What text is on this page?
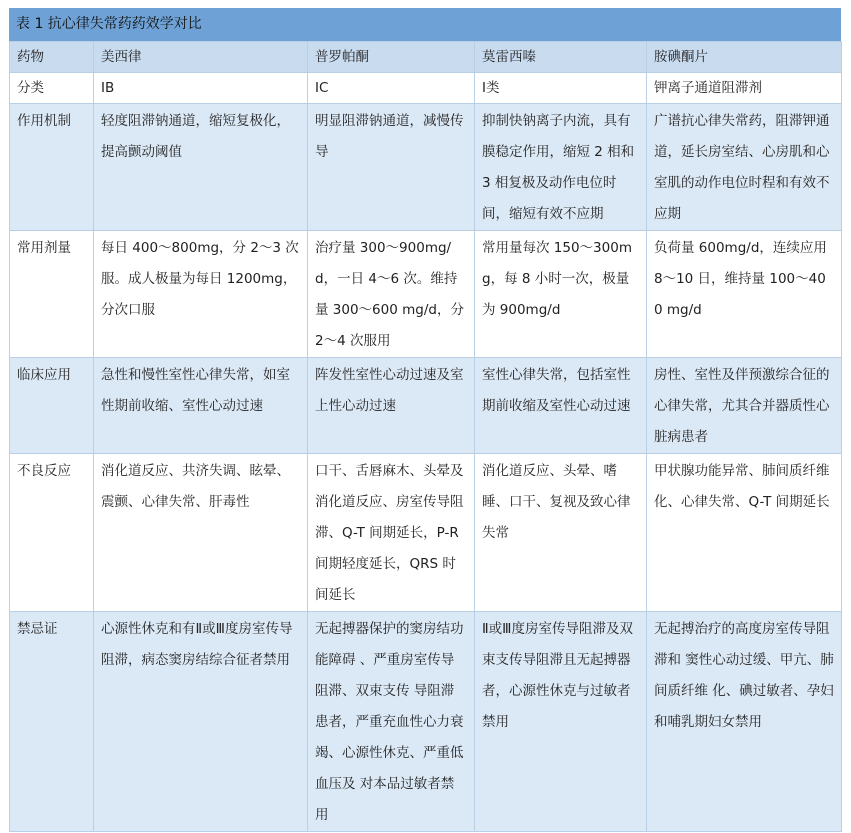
表 1 抗心律失常药药效学对比
药物	美西律	普罗帕酮	莫雷西嗪	胺碘酮片
分类	ⅠB	ⅠC	Ⅰ类	钾离子通道阻滞剂
作用机制	轻度阻滞钠通道，缩短复极化，提高颤动阈值	明显阻滞钠通道，减慢传导	抑制快钠离子内流，具有膜稳定作用，缩短 2 相和 3 相复极及动作电位时间，缩短有效不应期	广谱抗心律失常药，阻滞钾通道，延长房室结、心房肌和心室肌的动作电位时程和有效不应期
常用剂量	每日 400～800mg，分 2～3 次服。成人极量为每日 1200mg，分次口服	治疗量 300～900mg/d，一日 4～6 次。维持量 300～600 mg/d，分 2～4 次服用	常用量每次 150～300mg，每 8 小时一次，极量为 900mg/d	负荷量 600mg/d，连续应用 8～10 日，维持量 100～400 mg/d
临床应用	急性和慢性室性心律失常，如室性期前收缩、室性心动过速	阵发性室性心动过速及室上性心动过速	室性心律失常，包括室性期前收缩及室性心动过速	房性、室性及伴预激综合征的心律失常，尤其合并器质性心脏病患者
不良反应	消化道反应、共济失调、眩晕、震颤、心律失常、肝毒性	口干、舌唇麻木、头晕及消化道反应、房室传导阻滞、Q-T 间期延长，P-R 间期轻度延长，QRS 时间延长	消化道反应、头晕、嗜睡、口干、复视及致心律失常	甲状腺功能异常、肺间质纤维化、心律失常、Q-T 间期延长
禁忌证	心源性休克和有Ⅱ或Ⅲ度房室传导阻滞，病态窦房结综合征者禁用	无起搏器保护的窦房结功能障碍 、严重房室传导阻滞、双束支传 导阻滞患者，严重充血性心力衰 竭、心源性休克、严重低血压及 对本品过敏者禁用	Ⅱ或Ⅲ度房室传导阻滞及双束支传导阻滞且无起搏器者，心源性休克与过敏者禁用	无起搏治疗的高度房室传导阻滞和 窦性心动过缓、甲亢、肺间质纤维 化、碘过敏者、孕妇和哺乳期妇女禁用
